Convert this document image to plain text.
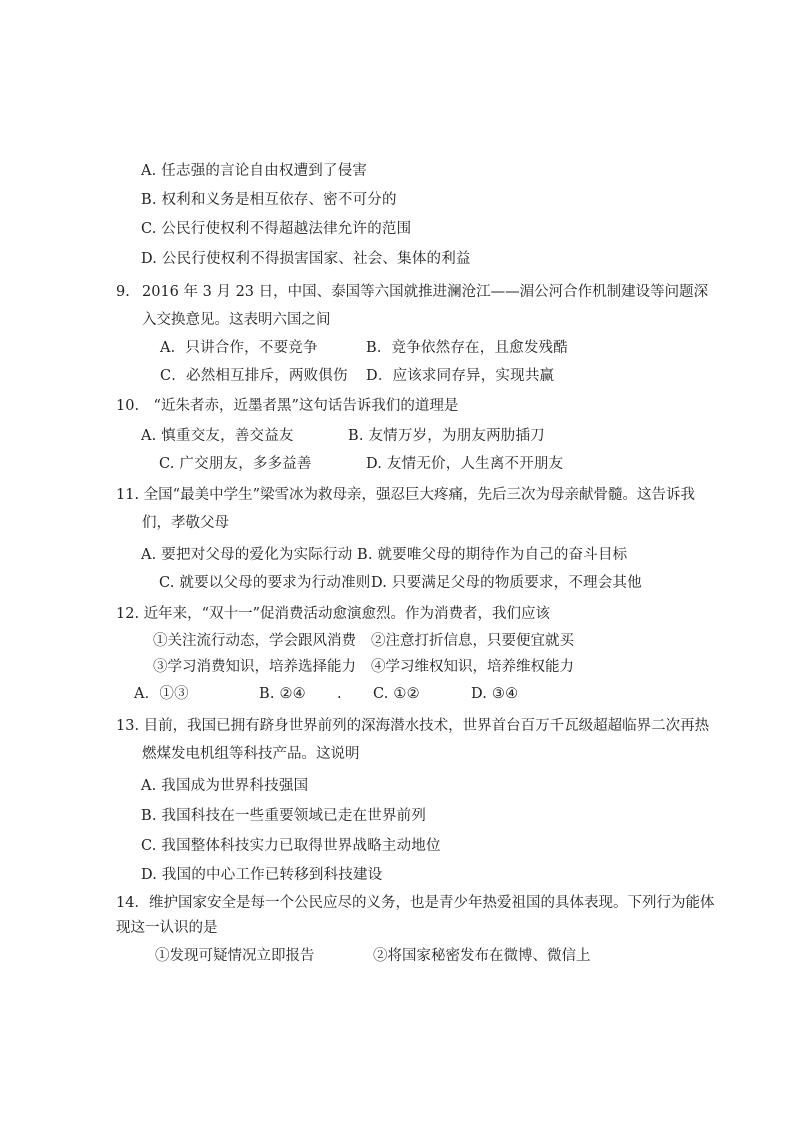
A. 任志强的言论自由权遭到了侵害
B. 权利和义务是相互依存、密不可分的
C. 公民行使权利不得超越法律允许的范围
D. 公民行使权利不得损害国家、社会、集体的利益
9. 2016 年 3 月 23 日，中国、泰国等六国就推进澜沧江——湄公河合作机制建设等问题深
入交换意见。这表明六国之间
A．只讲合作，不要竞争	B．竞争依然存在，且愈发残酷
C．必然相互排斥，两败俱伤 D．应该求同存异，实现共赢
10.　“近朱者赤，近墨者黑”这句话告诉我们的道理是
A. 慎重交友，善交益友	B. 友情万岁，为朋友两肋插刀
C. 广交朋友，多多益善	D. 友情无价，人生离不开朋友
11. 全国“最美中学生”梁雪冰为救母亲，强忍巨大疼痛，先后三次为母亲献骨髓。这告诉我
们，孝敬父母
A. 要把对父母的爱化为实际行动 B. 就要唯父母的期待作为自己的奋斗目标
C. 就要以父母的要求为行动准则 D. 只要满足父母的物质要求，不理会其他
12. 近年来，“双十一”促消费活动愈演愈烈。作为消费者，我们应该
①关注流行动态，学会跟风消费 ②注意打折信息，只要便宜就买
③学习消费知识，培养选择能力 ④学习维权知识，培养维权能力
A．①③	B. ②④ . C. ①②	D. ③④
13. 目前，我国已拥有跻身世界前列的深海潜水技术，世界首台百万千瓦级超超临界二次再热
燃煤发电机组等科技产品。这说明
A. 我国成为世界科技强国
B. 我国科技在一些重要领域已走在世界前列
C. 我国整体科技实力已取得世界战略主动地位
D. 我国的中心工作已转移到科技建设
14．维护国家安全是每一个公民应尽的义务，也是青少年热爱祖国的具体表现。下列行为能体
现这一认识的是
①发现可疑情况立即报告	②将国家秘密发布在微博、微信上
